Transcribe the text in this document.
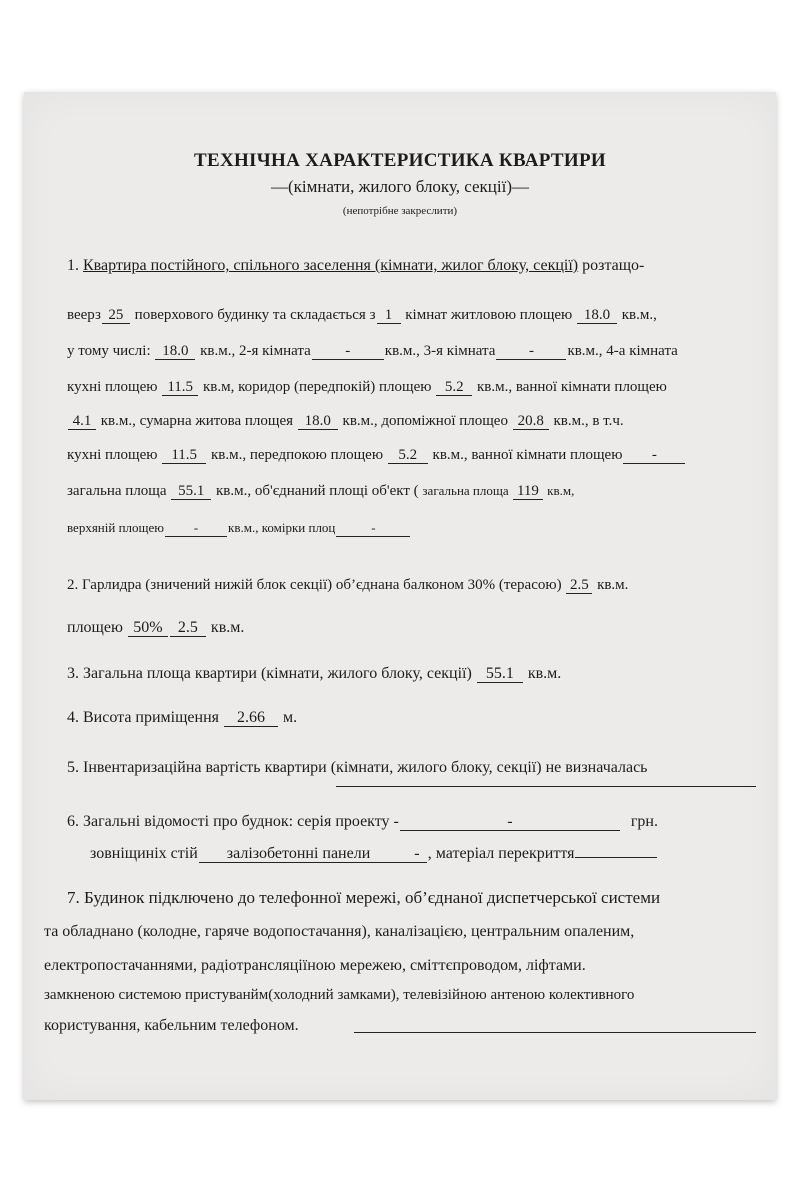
ТЕХНІЧНА ХАРАКТЕРИСТИКА КВАРТИРИ
—(кімнати, жилого блоку, секції)—
(непотрібне закреслити)
1. Квартира постійного, спільного заселення (кімнати, жилог блоку, секції) розтащо-
веерз 25 поверхового будинку та складається з 1 кімнат житловою площею 18.0 кв.м.,
у тому числі: 18.0 кв.м., 2-я кімната - кв.м., 3-я кімната - кв.м., 4-а кімната
кухні площею 11.5 кв.м, коридор (передпокій) площею 5.2 кв.м., ванної кімнати площею
4.1 кв.м., сумарна житова площея 18.0 кв.м., допоміжної площео 20.8 кв.м., в т.ч.
кухні площею 11.5 кв.м., передпокою площею 5.2 кв.м., ванної кімнати площею -
загальна площа 55.1 кв.м., об'єднаний площі об'ект ( загальна площа 119 кв.м,
верхяній площею - кв.м., комірки плоц	-
2. Гарлидра (зничений нижій блок секції) об’єднана балконом 30% (терасою) 2.5 кв.м.
площею 50% 2.5 кв.м.
3. Загальна площа квартири (кімнати, жилого блоку, секції) 55.1 кв.м.
4. Висота приміщення 2.66 м.
5. Інвентаризаційна вартість квартири (кімнати, жилого блоку, секції) не визначалась
6. Загальні відомості про буднок: серія проекту -	-	грн.
зовніщиніх стій залізобетонні панели	- , матеріал перекриття
7. Будинок підключено до телефонної мережі, об’єднаної диспетчерської системи
та обладнано (колодне, гаряче водопостачання), каналізацією, центральним опаленим,
електропостачаннями, радіотрансляціїною мережею, сміттєпроводом, ліфтами.
замкненою системою пристуванйм(холодний замками), телевізійною антеною колективного
користування, кабельним телефоном.
